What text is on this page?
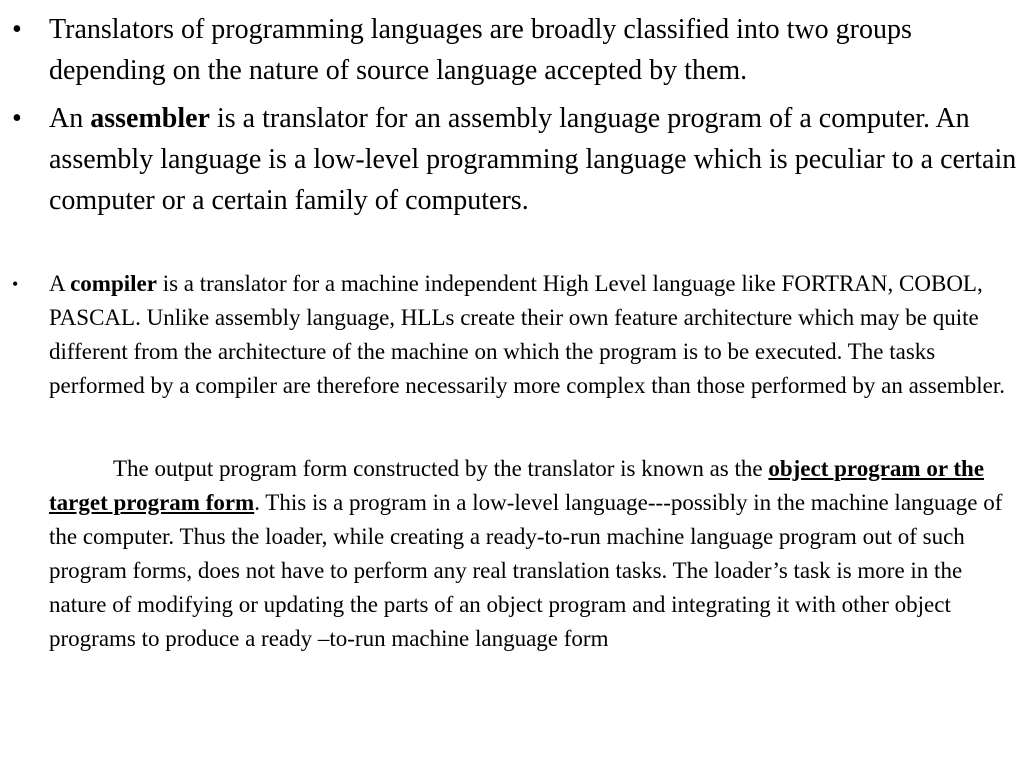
• Translators of programming languages are broadly classified into two groups depending on the nature of source language accepted by them.
• An assembler is a translator for an assembly language program of a computer. An assembly language is a low-level programming language which is peculiar to a certain computer or a certain family of computers.
• A compiler is a translator for a machine independent High Level language like FORTRAN, COBOL, PASCAL. Unlike assembly language, HLLs create their own feature architecture which may be quite different from the architecture of the machine on which the program is to be executed. The tasks performed by a compiler are therefore necessarily more complex than those performed by an assembler.
The output program form constructed by the translator is known as the object program or the target program form. This is a program in a low-level language---possibly in the machine language of the computer. Thus the loader, while creating a ready-to-run machine language program out of such program forms, does not have to perform any real translation tasks. The loader’s task is more in the nature of modifying or updating the parts of an object program and integrating it with other object programs to produce a ready –to-run machine language form
